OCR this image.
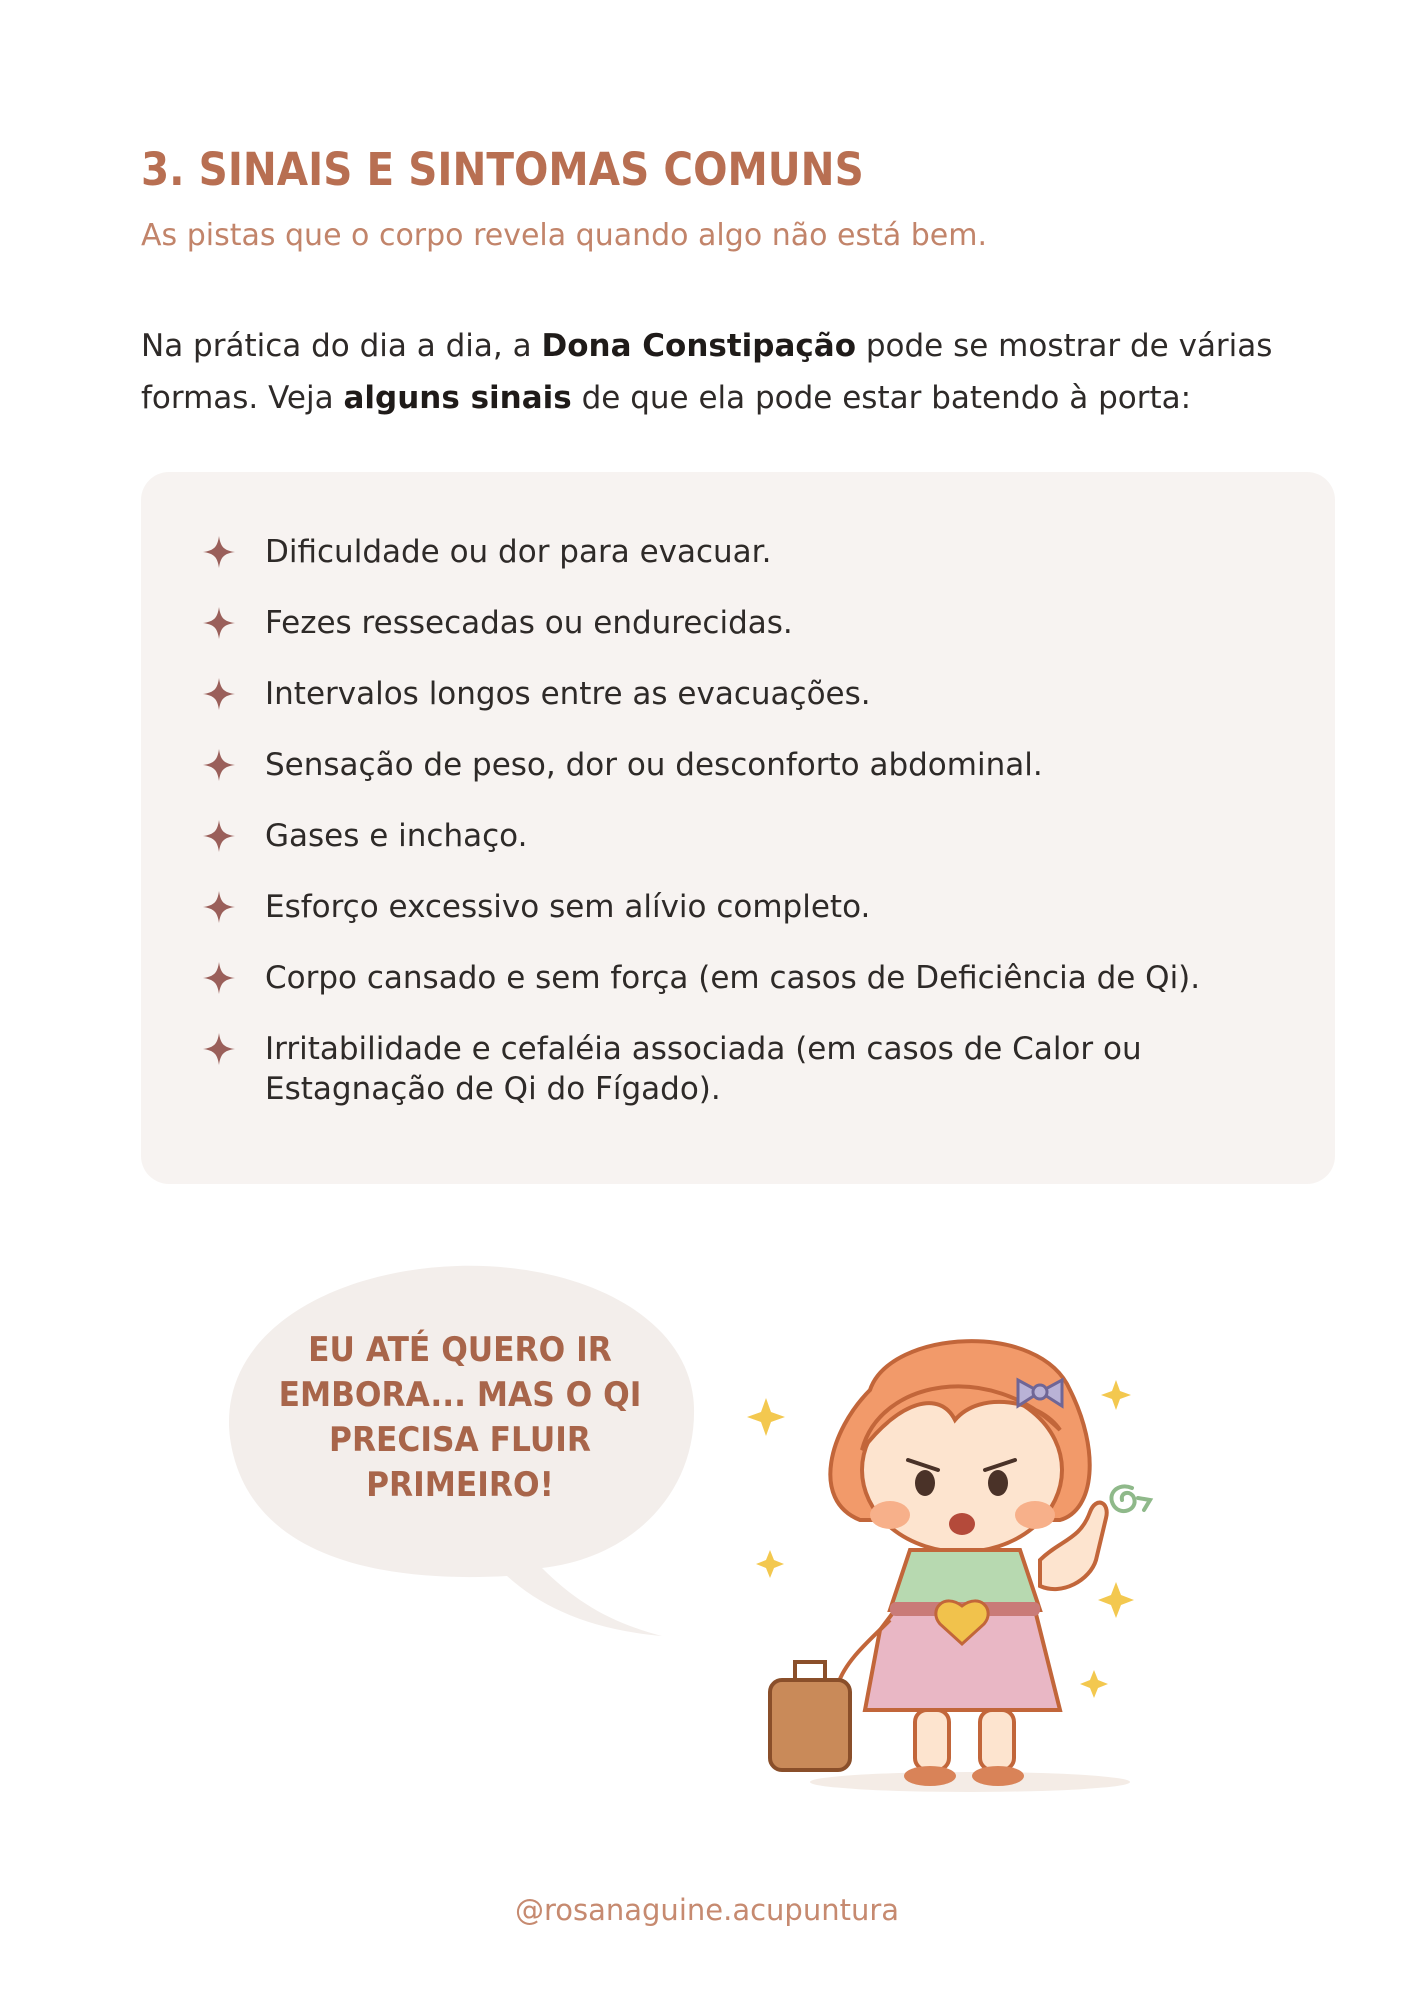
3. SINAIS E SINTOMAS COMUNS

As pistas que o corpo revela quando algo não está bem.

Na prática do dia a dia, a Dona Constipação pode se mostrar de várias formas. Veja alguns sinais de que ela pode estar batendo à porta:

Dificuldade ou dor para evacuar.
Fezes ressecadas ou endurecidas.
Intervalos longos entre as evacuações.
Sensação de peso, dor ou desconforto abdominal.
Gases e inchaço.
Esforço excessivo sem alívio completo.
Corpo cansado e sem força (em casos de Deficiência de Qi).
Irritabilidade e cefaléia associada (em casos de Calor ou Estagnação de Qi do Fígado).

EU ATÉ QUERO IR EMBORA... MAS O QI PRECISA FLUIR PRIMEIRO!

@rosanaguine.acupuntura
